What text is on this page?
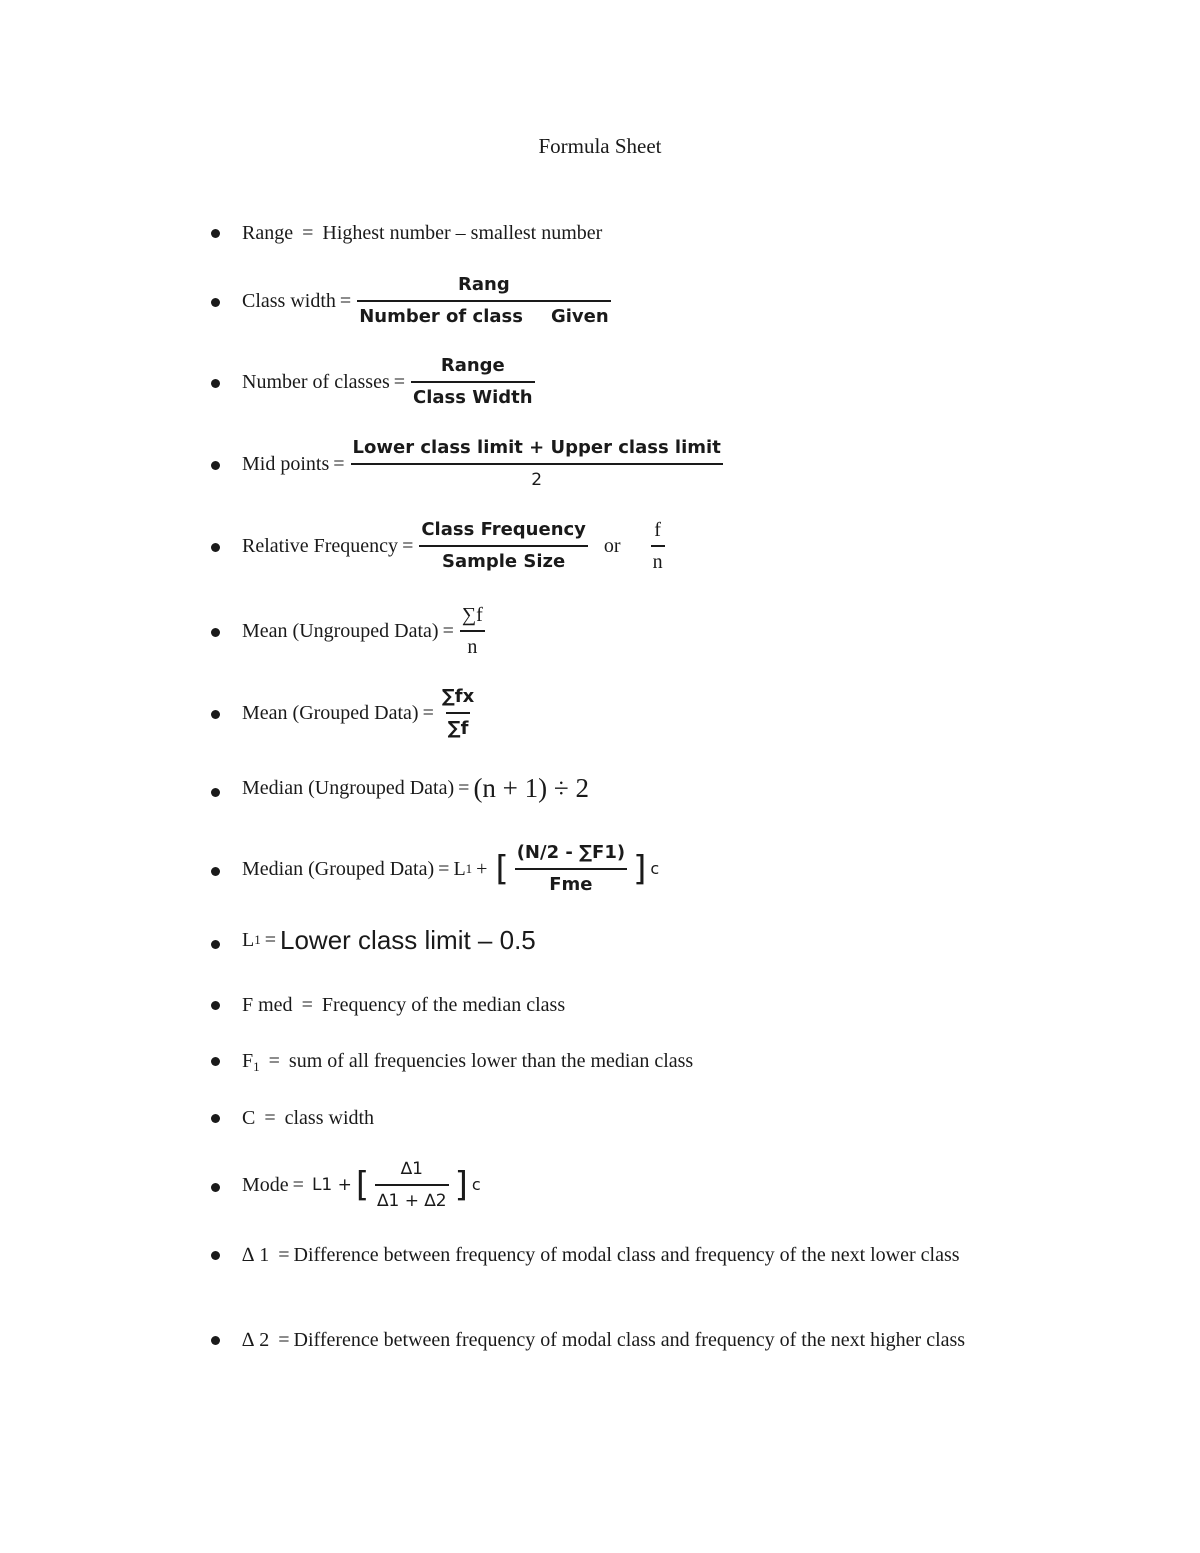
Formula Sheet
Range = Highest number – smallest number
Class width = $\frac{\text{Rang}}{\text{Number of class Given}}$
Number of classes = $\frac{\text{Range}}{\text{Class Width}}$
Mid points = $\frac{\text{Lower class limit + Upper class limit}}{2}$
Relative Frequency = $\frac{\text{Class Frequency}}{\text{Sample Size}}$ or $\frac{f}{n}$
Mean (Ungrouped Data) = $\frac{\sum f}{n}$
Mean (Grouped Data) = $\frac{\sum fx}{\sum f}$
Median (Ungrouped Data) = (n + 1) ÷ 2
Median (Grouped Data) = L 1 + [ $\frac{(N/2 - \sum F1)}{\text{Fme}}$ ] c
L 1 = Lower class limit – 0.5
F med = Frequency of the median class
$F_1$ = sum of all frequencies lower than the median class
C = class width
Mode = L1 + [ $\frac{\Delta 1}{\Delta 1 + \Delta 2}$ ] c
∆ 1 = Difference between frequency of modal class and frequency of the next lower class
∆ 2 = Difference between frequency of modal class and frequency of the next higher class
